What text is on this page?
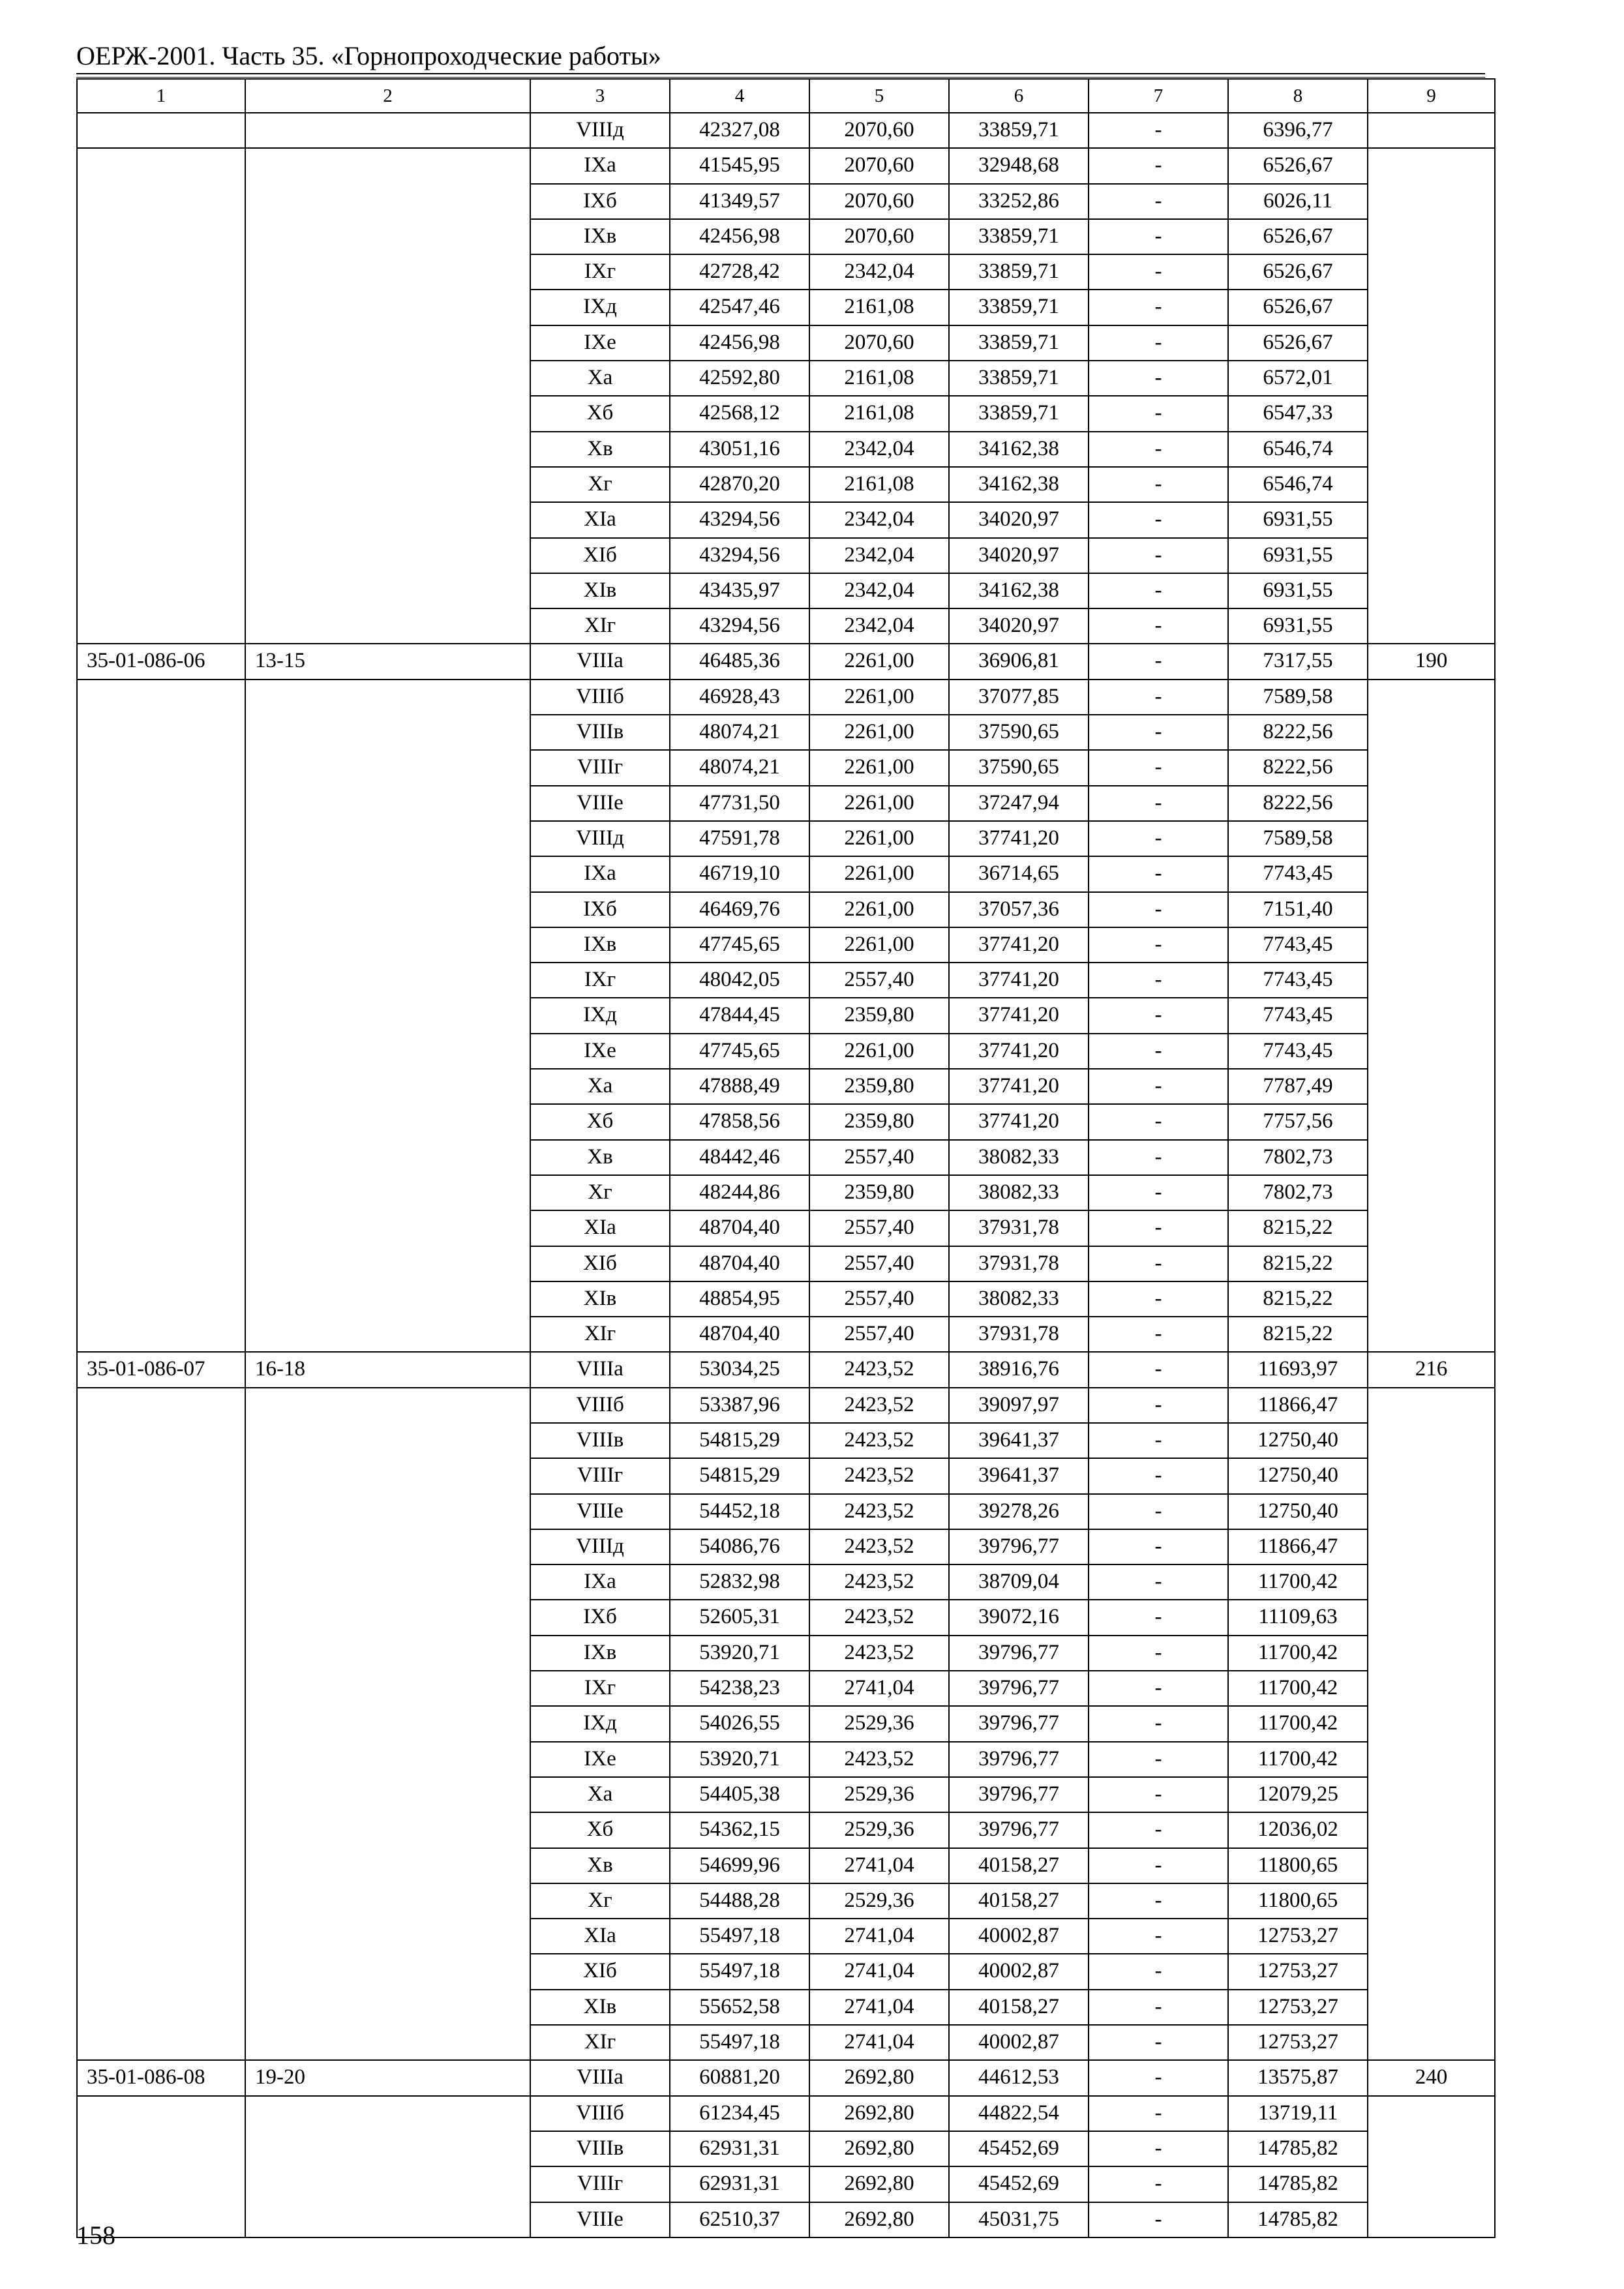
ОЕРЖ-2001. Часть 35. «Горнопроходческие работы»
1	2	3	4	5	6	7	8	9
		VIIIд	42327,08	2070,60	33859,71	-	6396,77	
		IXа	41545,95	2070,60	32948,68	-	6526,67	
		IXб	41349,57	2070,60	33252,86	-	6026,11	
		IXв	42456,98	2070,60	33859,71	-	6526,67	
		IXг	42728,42	2342,04	33859,71	-	6526,67	
		IXд	42547,46	2161,08	33859,71	-	6526,67	
		IXе	42456,98	2070,60	33859,71	-	6526,67	
		Xа	42592,80	2161,08	33859,71	-	6572,01	
		Xб	42568,12	2161,08	33859,71	-	6547,33	
		Xв	43051,16	2342,04	34162,38	-	6546,74	
		Xг	42870,20	2161,08	34162,38	-	6546,74	
		XIа	43294,56	2342,04	34020,97	-	6931,55	
		XIб	43294,56	2342,04	34020,97	-	6931,55	
		XIв	43435,97	2342,04	34162,38	-	6931,55	
		XIг	43294,56	2342,04	34020,97	-	6931,55	
35-01-086-06	13-15	VIIIа	46485,36	2261,00	36906,81	-	7317,55	190
		VIIIб	46928,43	2261,00	37077,85	-	7589,58	
		VIIIв	48074,21	2261,00	37590,65	-	8222,56	
		VIIIг	48074,21	2261,00	37590,65	-	8222,56	
		VIIIе	47731,50	2261,00	37247,94	-	8222,56	
		VIIIд	47591,78	2261,00	37741,20	-	7589,58	
		IXа	46719,10	2261,00	36714,65	-	7743,45	
		IXб	46469,76	2261,00	37057,36	-	7151,40	
		IXв	47745,65	2261,00	37741,20	-	7743,45	
		IXг	48042,05	2557,40	37741,20	-	7743,45	
		IXд	47844,45	2359,80	37741,20	-	7743,45	
		IXе	47745,65	2261,00	37741,20	-	7743,45	
		Xа	47888,49	2359,80	37741,20	-	7787,49	
		Xб	47858,56	2359,80	37741,20	-	7757,56	
		Xв	48442,46	2557,40	38082,33	-	7802,73	
		Xг	48244,86	2359,80	38082,33	-	7802,73	
		XIа	48704,40	2557,40	37931,78	-	8215,22	
		XIб	48704,40	2557,40	37931,78	-	8215,22	
		XIв	48854,95	2557,40	38082,33	-	8215,22	
		XIг	48704,40	2557,40	37931,78	-	8215,22	
35-01-086-07	16-18	VIIIа	53034,25	2423,52	38916,76	-	11693,97	216
		VIIIб	53387,96	2423,52	39097,97	-	11866,47	
		VIIIв	54815,29	2423,52	39641,37	-	12750,40	
		VIIIг	54815,29	2423,52	39641,37	-	12750,40	
		VIIIе	54452,18	2423,52	39278,26	-	12750,40	
		VIIIд	54086,76	2423,52	39796,77	-	11866,47	
		IXа	52832,98	2423,52	38709,04	-	11700,42	
		IXб	52605,31	2423,52	39072,16	-	11109,63	
		IXв	53920,71	2423,52	39796,77	-	11700,42	
		IXг	54238,23	2741,04	39796,77	-	11700,42	
		IXд	54026,55	2529,36	39796,77	-	11700,42	
		IXе	53920,71	2423,52	39796,77	-	11700,42	
		Xа	54405,38	2529,36	39796,77	-	12079,25	
		Xб	54362,15	2529,36	39796,77	-	12036,02	
		Xв	54699,96	2741,04	40158,27	-	11800,65	
		Xг	54488,28	2529,36	40158,27	-	11800,65	
		XIа	55497,18	2741,04	40002,87	-	12753,27	
		XIб	55497,18	2741,04	40002,87	-	12753,27	
		XIв	55652,58	2741,04	40158,27	-	12753,27	
		XIг	55497,18	2741,04	40002,87	-	12753,27	
35-01-086-08	19-20	VIIIа	60881,20	2692,80	44612,53	-	13575,87	240
		VIIIб	61234,45	2692,80	44822,54	-	13719,11	
		VIIIв	62931,31	2692,80	45452,69	-	14785,82	
		VIIIг	62931,31	2692,80	45452,69	-	14785,82	
		VIIIе	62510,37	2692,80	45031,75	-	14785,82	
158
